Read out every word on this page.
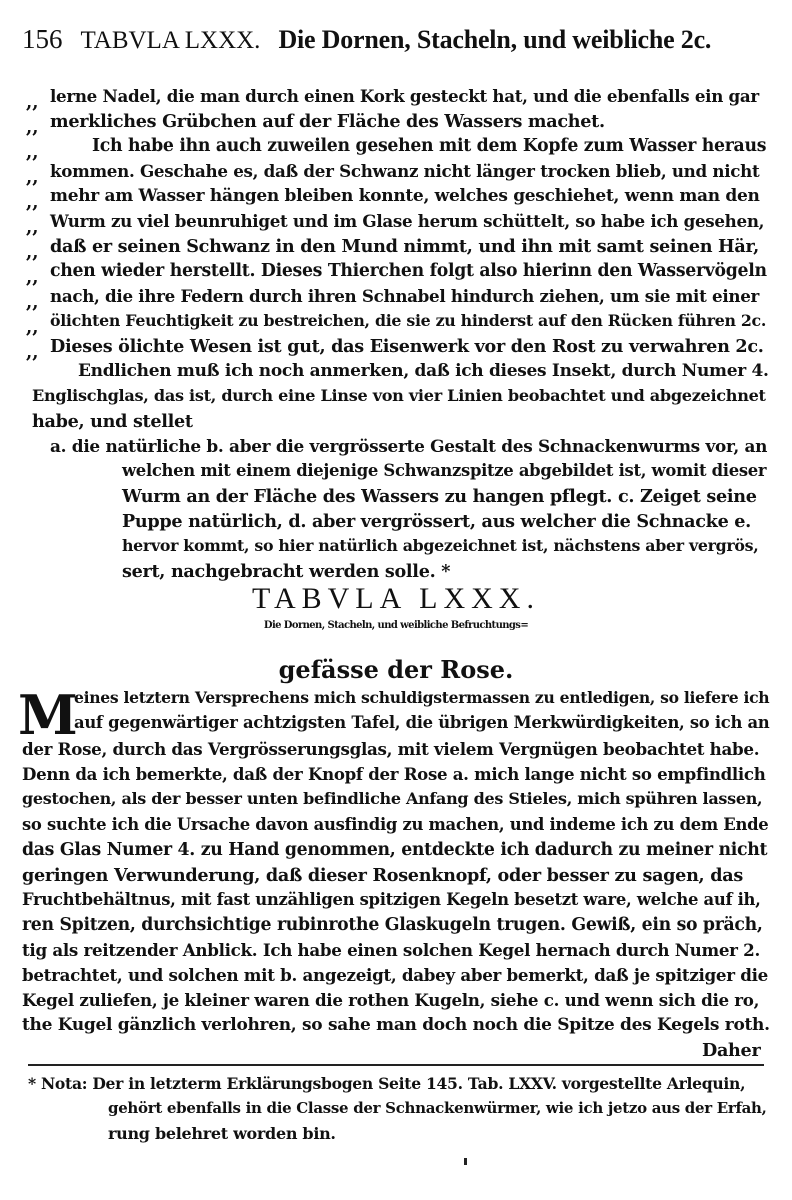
156 TABVLA LXXX. Die Dornen, Stacheln, und weibliche 2c.
,,
,,
,,
,,
,,
,,
,,
,,
,,
,,
,,
lerne Nadel, die man durch einen Kork gesteckt hat, und die ebenfalls ein gar
merkliches Grübchen auf der Fläche des Wassers machet.
Ich habe ihn auch zuweilen gesehen mit dem Kopfe zum Wasser heraus
kommen. Geschahe es, daß der Schwanz nicht länger trocken blieb, und nicht
mehr am Wasser hängen bleiben konnte, welches geschiehet, wenn man den
Wurm zu viel beunruhiget und im Glase herum schüttelt, so habe ich gesehen,
daß er seinen Schwanz in den Mund nimmt, und ihn mit samt seinen Här,
chen wieder herstellt. Dieses Thierchen folgt also hierinn den Wasservögeln
nach, die ihre Federn durch ihren Schnabel hindurch ziehen, um sie mit einer
ölichten Feuchtigkeit zu bestreichen, die sie zu hinderst auf den Rücken führen 2c.
Dieses ölichte Wesen ist gut, das Eisenwerk vor den Rost zu verwahren 2c.
Endlichen muß ich noch anmerken, daß ich dieses Insekt, durch Numer 4.
Englischglas, das ist, durch eine Linse von vier Linien beobachtet und abgezeichnet
habe, und stellet
a. die natürliche b. aber die vergrösserte Gestalt des Schnackenwurms vor, an
welchen mit einem diejenige Schwanzspitze abgebildet ist, womit dieser
Wurm an der Fläche des Wassers zu hangen pflegt. c. Zeiget seine
Puppe natürlich, d. aber vergrössert, aus welcher die Schnacke e.
hervor kommt, so hier natürlich abgezeichnet ist, nächstens aber vergrös,
sert, nachgebracht werden solle. *
TABVLA LXXX.
Die Dornen, Stacheln, und weibliche Befruchtungs=
gefässe der Rose.
M
eines letztern Versprechens mich schuldigstermassen zu entledigen, so liefere ich
auf gegenwärtiger achtzigsten Tafel, die übrigen Merkwürdigkeiten, so ich an
der Rose, durch das Vergrösserungsglas, mit vielem Vergnügen beobachtet habe.
Denn da ich bemerkte, daß der Knopf der Rose a. mich lange nicht so empfindlich
gestochen, als der besser unten befindliche Anfang des Stieles, mich spühren lassen,
so suchte ich die Ursache davon ausfindig zu machen, und indeme ich zu dem Ende
das Glas Numer 4. zu Hand genommen, entdeckte ich dadurch zu meiner nicht
geringen Verwunderung, daß dieser Rosenknopf, oder besser zu sagen, das
Fruchtbehältnus, mit fast unzähligen spitzigen Kegeln besetzt ware, welche auf ih,
ren Spitzen, durchsichtige rubinrothe Glaskugeln trugen. Gewiß, ein so präch,
tig als reitzender Anblick. Ich habe einen solchen Kegel hernach durch Numer 2.
betrachtet, und solchen mit b. angezeigt, dabey aber bemerkt, daß je spitziger die
Kegel zuliefen, je kleiner waren die rothen Kugeln, siehe c. und wenn sich die ro,
the Kugel gänzlich verlohren, so sahe man doch noch die Spitze des Kegels roth.
Daher
* Nota: Der in letzterm Erklärungsbogen Seite 145. Tab. LXXV. vorgestellte Arlequin,
gehört ebenfalls in die Classe der Schnackenwürmer, wie ich jetzo aus der Erfah,
rung belehret worden bin.
